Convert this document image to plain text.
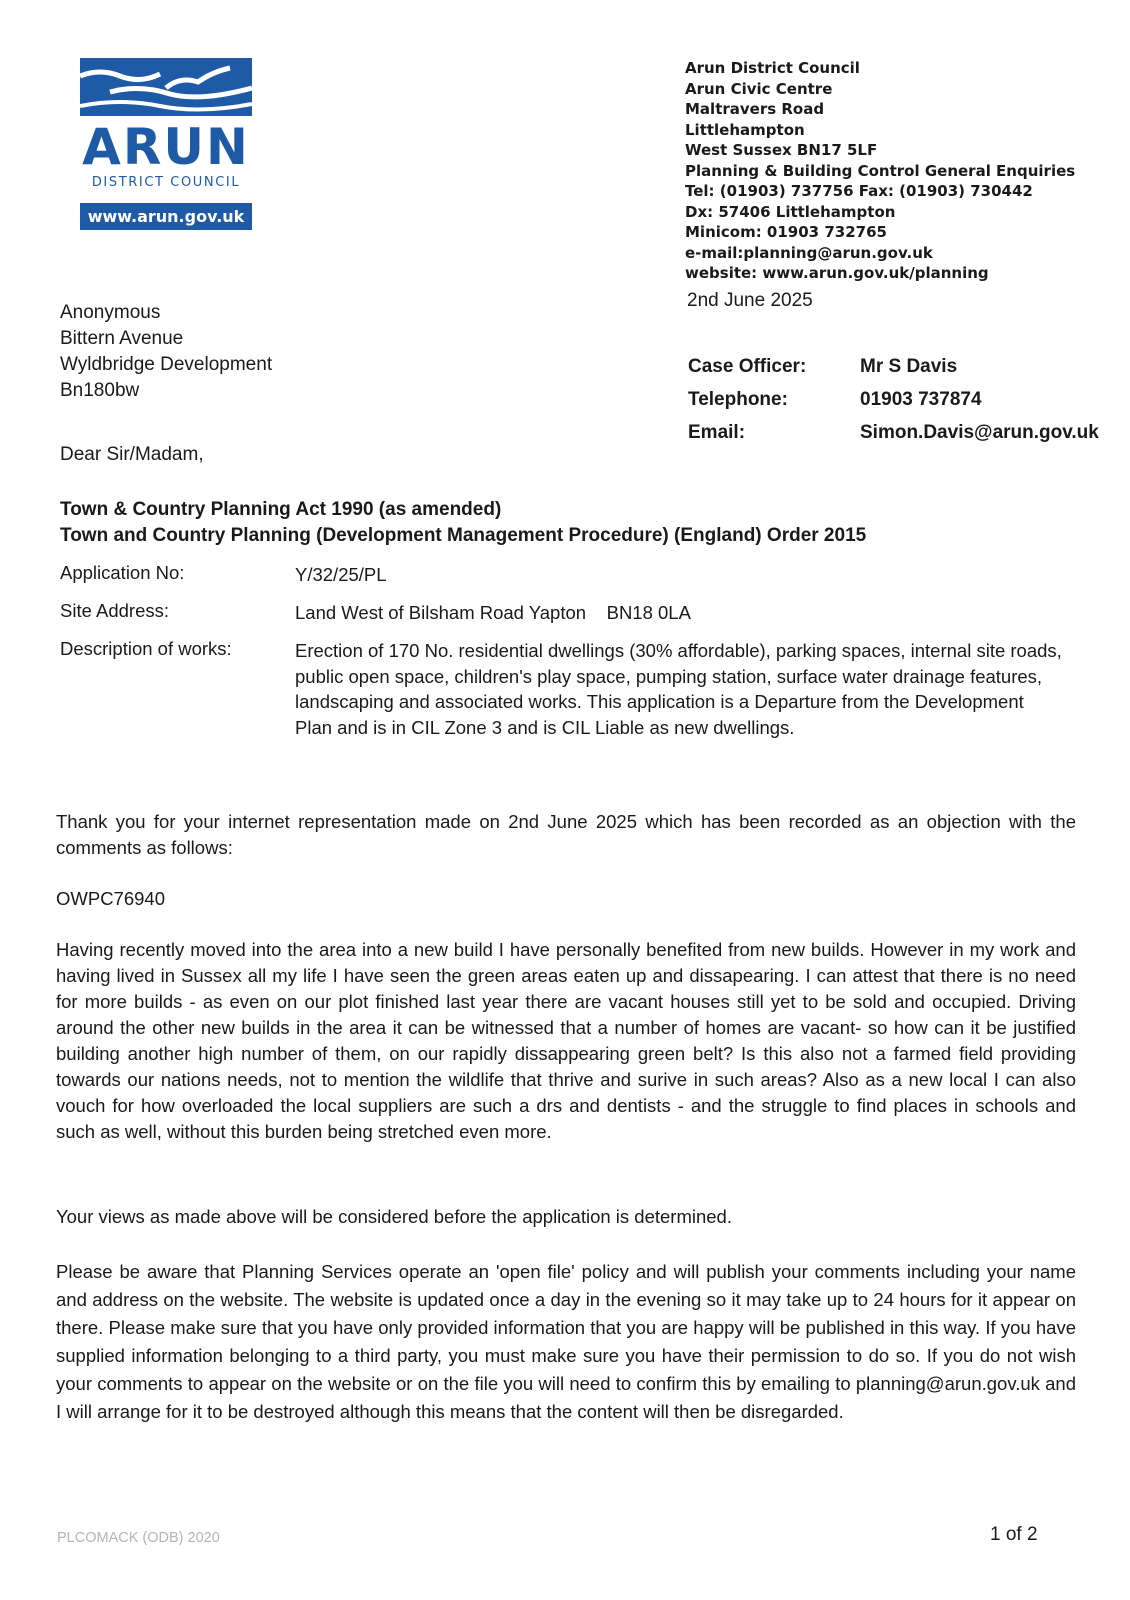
ARUN
DISTRICT COUNCIL
www.arun.gov.uk
Arun District Council
Arun Civic Centre
Maltravers Road
Littlehampton
West Sussex BN17 5LF
Planning & Building Control General Enquiries
Tel: (01903) 737756 Fax: (01903) 730442
Dx: 57406 Littlehampton
Minicom: 01903 732765
e-mail:planning@arun.gov.uk
website: www.arun.gov.uk/planning
2nd June 2025
Anonymous
Bittern Avenue
Wyldbridge Development
Bn180bw
Case Officer:	Mr S Davis
Telephone:	01903 737874
Email:	Simon.Davis@arun.gov.uk
Dear Sir/Madam,
Town & Country Planning Act 1990 (as amended)
Town and Country Planning (Development Management Procedure) (England) Order 2015
Application No:	Y/32/25/PL
Site Address:	Land West of Bilsham Road Yapton    BN18 0LA
Description of works:	Erection of 170 No. residential dwellings (30% affordable), parking spaces, internal site roads, public open space, children's play space, pumping station, surface water drainage features, landscaping and associated works. This application is a Departure from the Development Plan and is in CIL Zone 3 and is CIL Liable as new dwellings.
Thank you for your internet representation made on 2nd June 2025 which has been recorded as an objection with the comments as follows:
OWPC76940
Having recently moved into the area into a new build I have personally benefited from new builds. However in my work and having lived in Sussex all my life I have seen the green areas eaten up and dissapearing. I can attest that there is no need for more builds - as even on our plot finished last year there are vacant houses still yet to be sold and occupied. Driving around the other new builds in the area it can be witnessed that a number of homes are vacant- so how can it be justified building another high number of them, on our rapidly dissappearing green belt? Is this also not a farmed field providing towards our nations needs, not to mention the wildlife that thrive and surive in such areas? Also as a new local I can also vouch for how overloaded the local suppliers are such a drs and dentists - and the struggle to find places in schools and such as well, without this burden being stretched even more.
Your views as made above will be considered before the application is determined.
Please be aware that Planning Services operate an 'open file' policy and will publish your comments including your name and address on the website. The website is updated once a day in the evening so it may take up to 24 hours for it appear on there. Please make sure that you have only provided information that you are happy will be published in this way. If you have supplied information belonging to a third party, you must make sure you have their permission to do so. If you do not wish your comments to appear on the website or on the file you will need to confirm this by emailing to planning@arun.gov.uk and I will arrange for it to be destroyed although this means that the content will then be disregarded.
PLCOMACK (ODB) 2020	1 of 2
